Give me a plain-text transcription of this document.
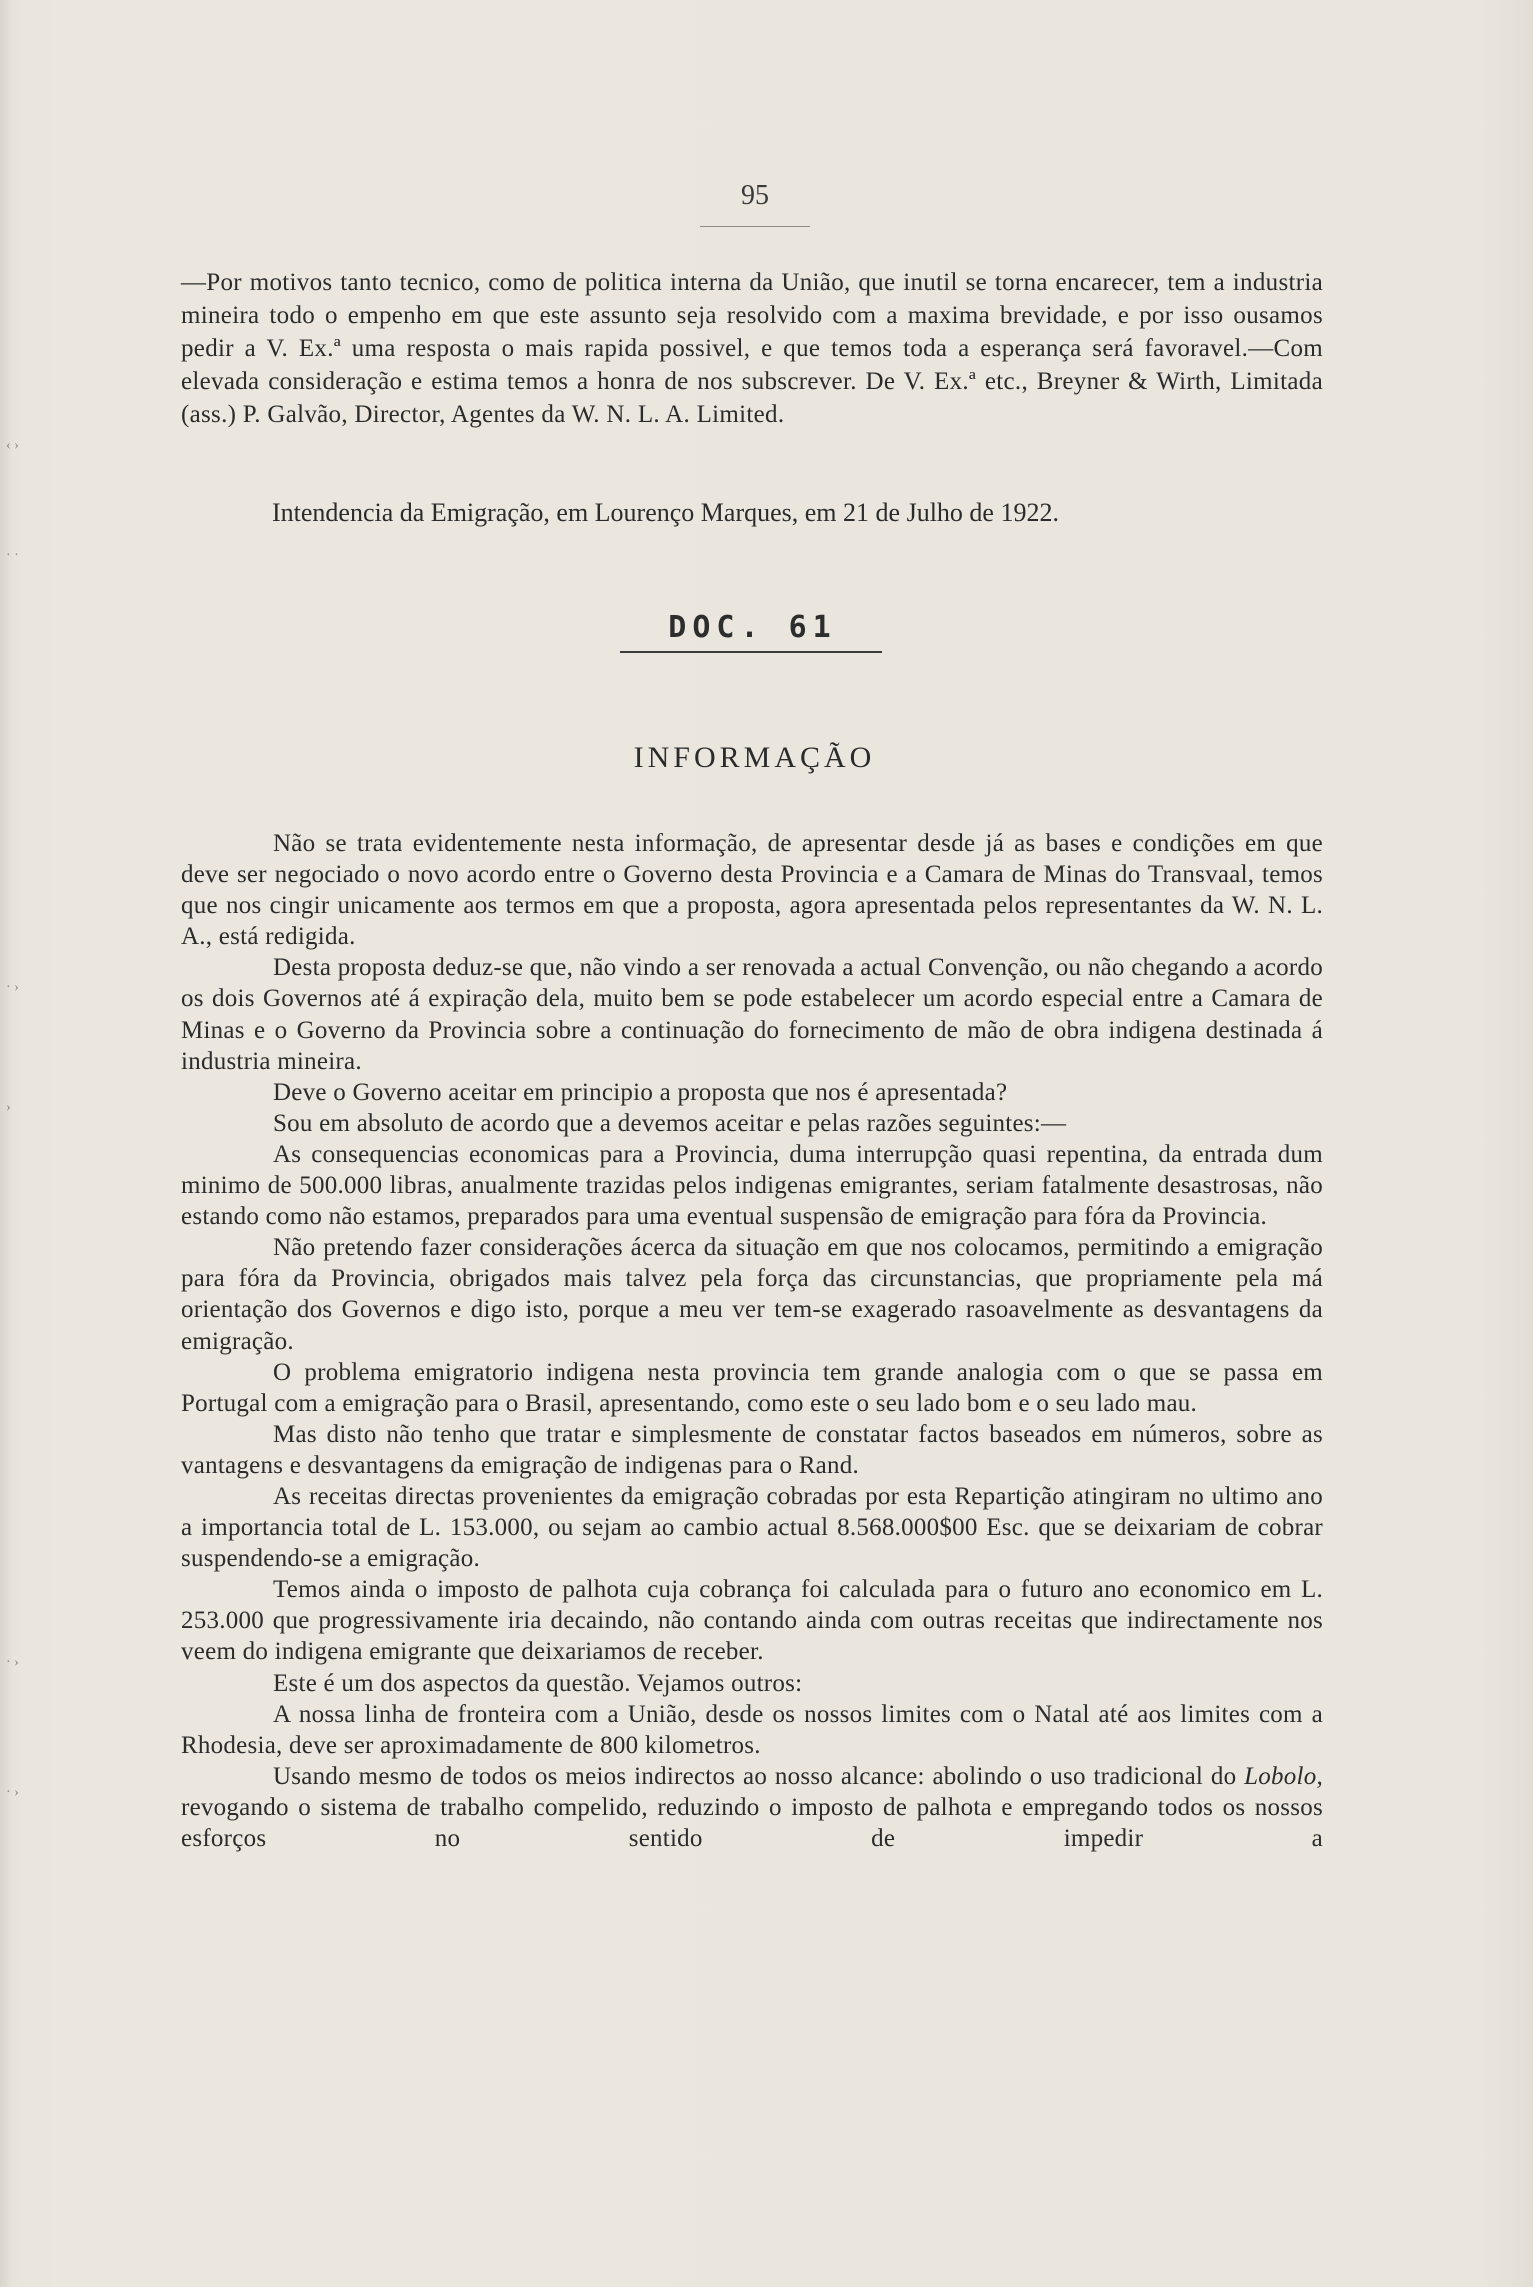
‹ ›
· ·
· ›
›
· ›
· ›
95
—Por motivos tanto tecnico, como de politica interna da União, que inutil se torna encarecer, tem a industria mineira todo o empenho em que este assunto seja resolvido com a maxima brevidade, e por isso ousamos pedir a V. Ex.ª uma resposta o mais rapida possivel, e que temos toda a esperança será favoravel.—Com elevada consideração e estima temos a honra de nos subscrever. De V. Ex.ª etc., Breyner & Wirth, Limitada (ass.) P. Galvão, Director, Agentes da W. N. L. A. Limited.
Intendencia da Emigração, em Lourenço Marques, em 21 de Julho de 1922.
DOC. 61
INFORMAÇÃO

Não se trata evidentemente nesta informação, de apresentar desde já as bases e condições em que deve ser negociado o novo acordo entre o Governo desta Provincia e a Camara de Minas do Transvaal, temos que nos cingir unicamente aos termos em que a proposta, agora apresentada pelos representantes da W. N. L. A., está redigida.

Desta proposta deduz-se que, não vindo a ser renovada a actual Convenção, ou não chegando a acordo os dois Governos até á expiração dela, muito bem se pode estabelecer um acordo especial entre a Camara de Minas e o Governo da Provincia sobre a continuação do fornecimento de mão de obra indigena destinada á industria mineira.

Deve o Governo aceitar em principio a proposta que nos é apresentada?

Sou em absoluto de acordo que a devemos aceitar e pelas razões seguintes:—

As consequencias economicas para a Provincia, duma interrupção quasi repentina, da entrada dum minimo de 500.000 libras, anualmente trazidas pelos indigenas emigrantes, seriam fatalmente desastrosas, não estando como não estamos, preparados para uma eventual suspensão de emigração para fóra da Provincia.

Não pretendo fazer considerações ácerca da situação em que nos colocamos, permitindo a emigração para fóra da Provincia, obrigados mais talvez pela força das circunstancias, que propriamente pela má orientação dos Governos e digo isto, porque a meu ver tem-se exagerado rasoavelmente as desvantagens da emigração.

O problema emigratorio indigena nesta provincia tem grande analogia com o que se passa em Portugal com a emigração para o Brasil, apresentando, como este o seu lado bom e o seu lado mau.

Mas disto não tenho que tratar e simplesmente de constatar factos baseados em números, sobre as vantagens e desvantagens da emigração de indigenas para o Rand.

As receitas directas provenientes da emigração cobradas por esta Repartição atingiram no ultimo ano a importancia total de L. 153.000, ou sejam ao cambio actual 8.568.000$00 Esc. que se deixariam de cobrar suspendendo-se a emigração.

Temos ainda o imposto de palhota cuja cobrança foi calculada para o futuro ano economico em L. 253.000 que progressivamente iria decaindo, não contando ainda com outras receitas que indirectamente nos veem do indigena emigrante que deixariamos de receber.

Este é um dos aspectos da questão. Vejamos outros:

A nossa linha de fronteira com a União, desde os nossos limites com o Natal até aos limites com a Rhodesia, deve ser aproximadamente de 800 kilometros.

Usando mesmo de todos os meios indirectos ao nosso alcance: abolindo o uso tradicional do Lobolo, revogando o sistema de trabalho compelido, reduzindo o imposto de palhota e empregando todos os nossos esforços no sentido de impedir a
